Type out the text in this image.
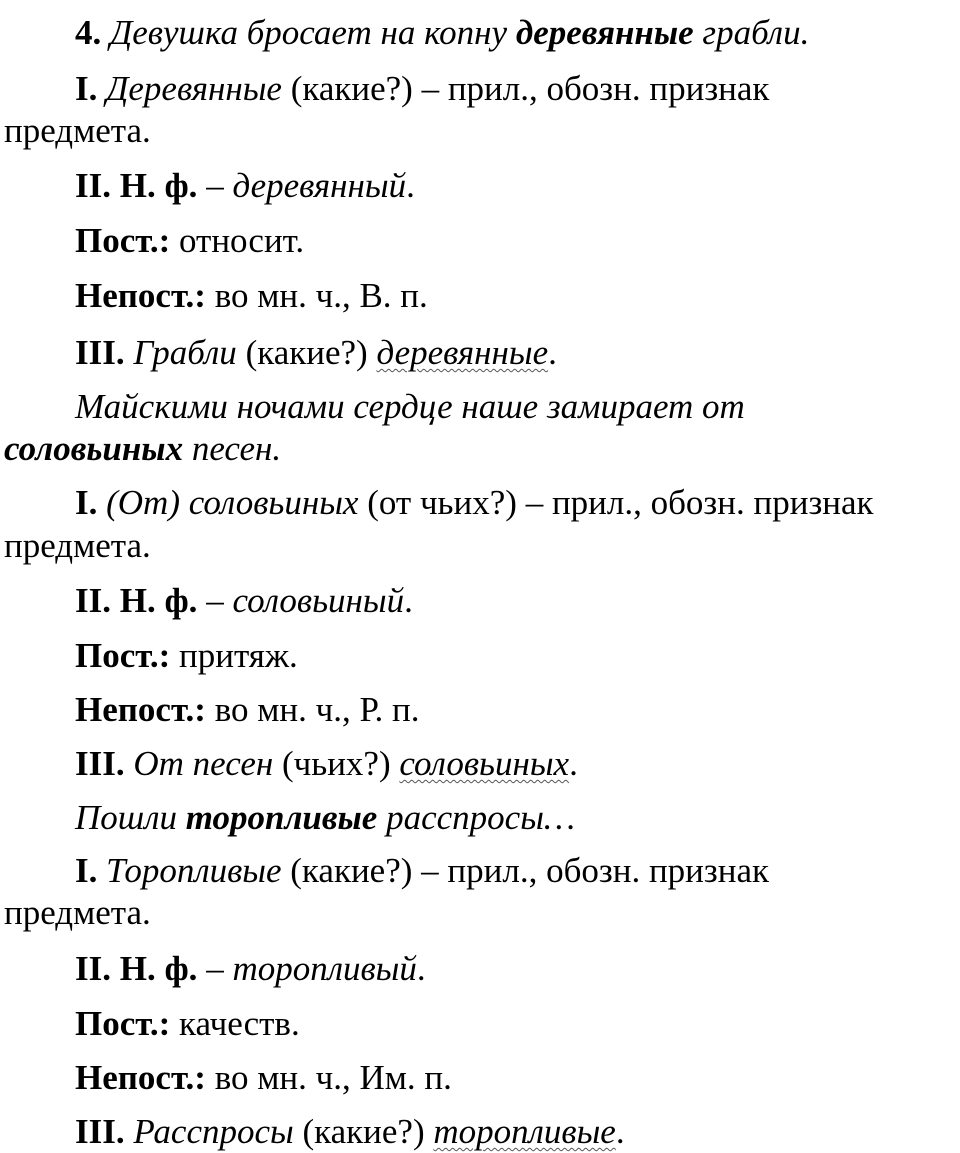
4. Девушка бросает на копну деревянные грабли.
I. Деревянные (какие?) – прил., обозн. признак
предмета.
II. Н. ф. – деревянный.
Пост.: относит.
Непост.: во мн. ч., В. п.
III. Грабли (какие?) деревянные.
Майскими ночами сердце наше замирает от
соловьиных песен.
I. (От) соловьиных (от чьих?) – прил., обозн. признак
предмета.
II. Н. ф. – соловьиный.
Пост.: притяж.
Непост.: во мн. ч., Р. п.
III. От песен (чьих?) соловьиных.
Пошли торопливые расспросы…
I. Торопливые (какие?) – прил., обозн. признак
предмета.
II. Н. ф. – торопливый.
Пост.: качеств.
Непост.: во мн. ч., Им. п.
III. Расспросы (какие?) торопливые.
